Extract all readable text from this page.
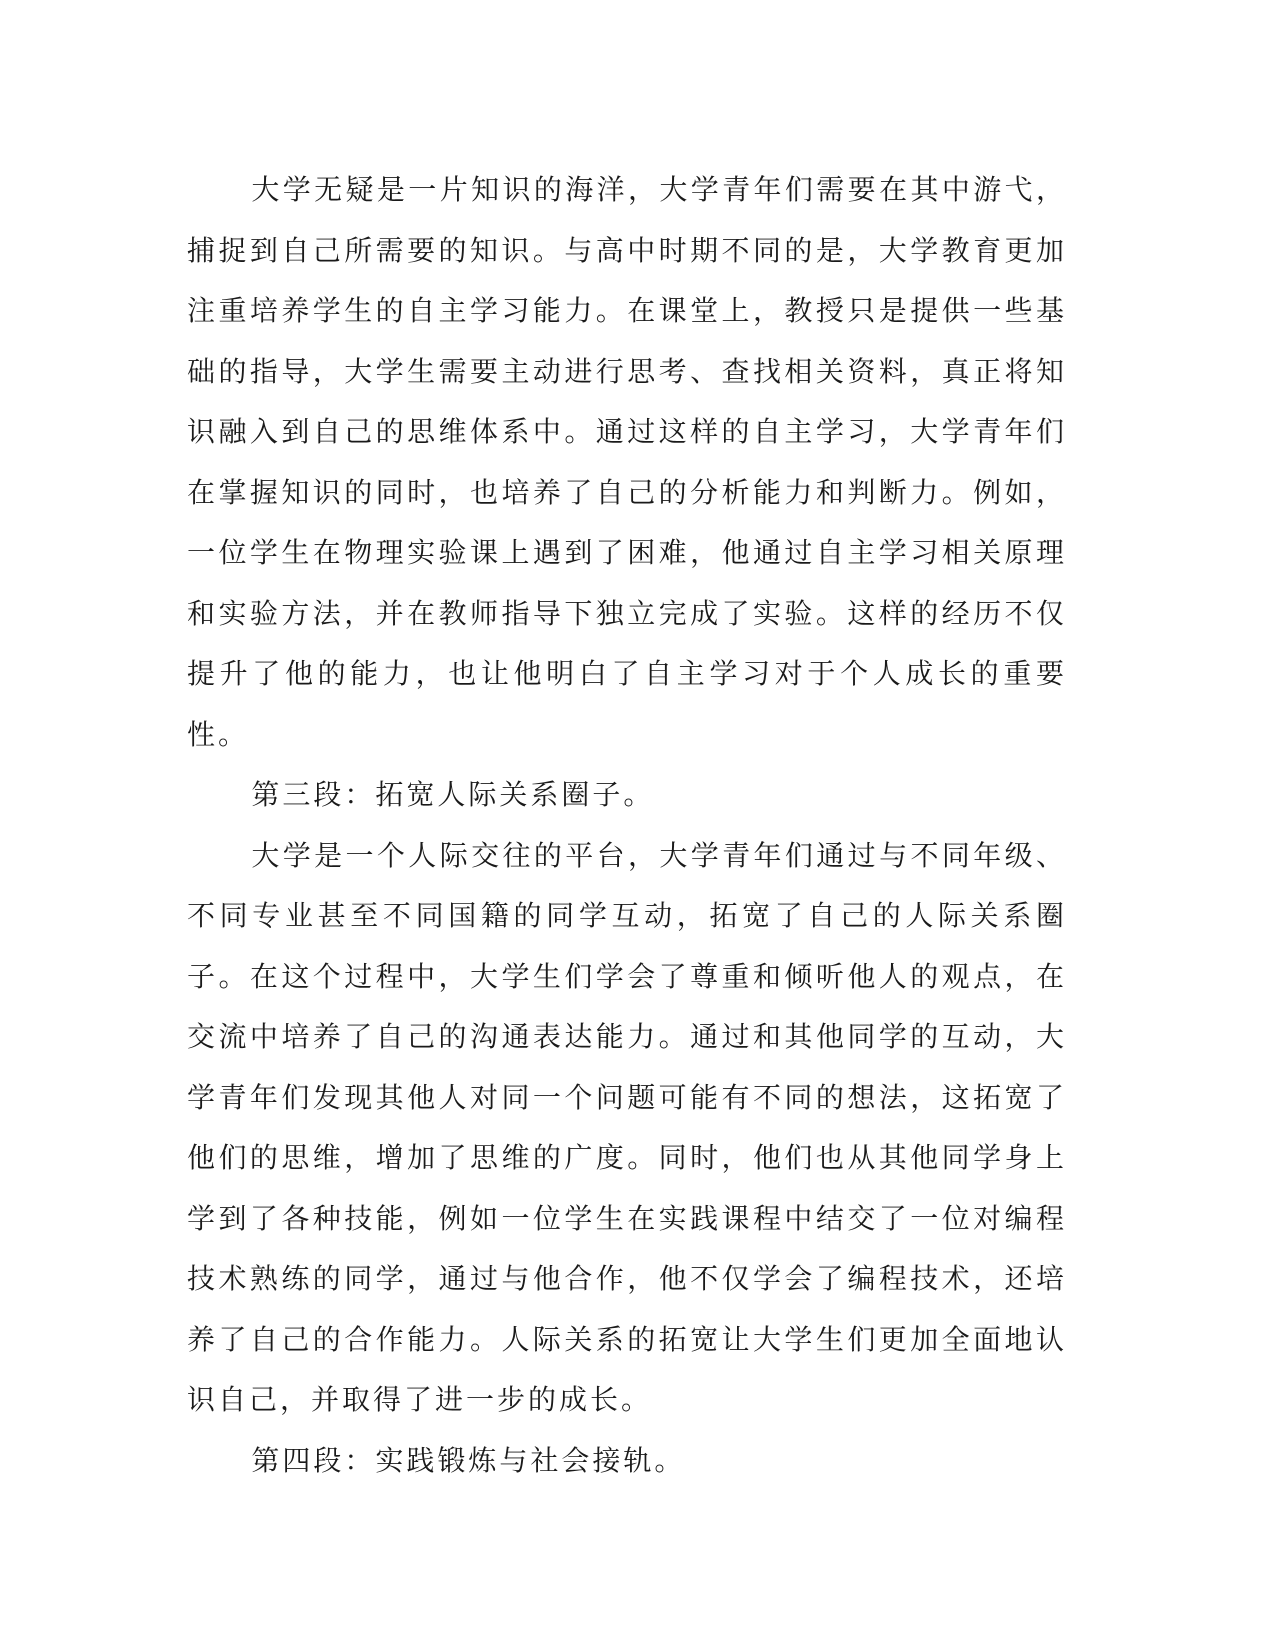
大学无疑是一片知识的海洋，大学青年们需要在其中游弋，捕捉到自己所需要的知识。与高中时期不同的是，大学教育更加注重培养学生的自主学习能力。在课堂上，教授只是提供一些基础的指导，大学生需要主动进行思考、查找相关资料，真正将知识融入到自己的思维体系中。通过这样的自主学习，大学青年们在掌握知识的同时，也培养了自己的分析能力和判断力。例如，一位学生在物理实验课上遇到了困难，他通过自主学习相关原理和实验方法，并在教师指导下独立完成了实验。这样的经历不仅提升了他的能力，也让他明白了自主学习对于个人成长的重要性。

第三段：拓宽人际关系圈子。

大学是一个人际交往的平台，大学青年们通过与不同年级、不同专业甚至不同国籍的同学互动，拓宽了自己的人际关系圈子。在这个过程中，大学生们学会了尊重和倾听他人的观点，在交流中培养了自己的沟通表达能力。通过和其他同学的互动，大学青年们发现其他人对同一个问题可能有不同的想法，这拓宽了他们的思维，增加了思维的广度。同时，他们也从其他同学身上学到了各种技能，例如一位学生在实践课程中结交了一位对编程技术熟练的同学，通过与他合作，他不仅学会了编程技术，还培养了自己的合作能力。人际关系的拓宽让大学生们更加全面地认识自己，并取得了进一步的成长。

第四段：实践锻炼与社会接轨。
